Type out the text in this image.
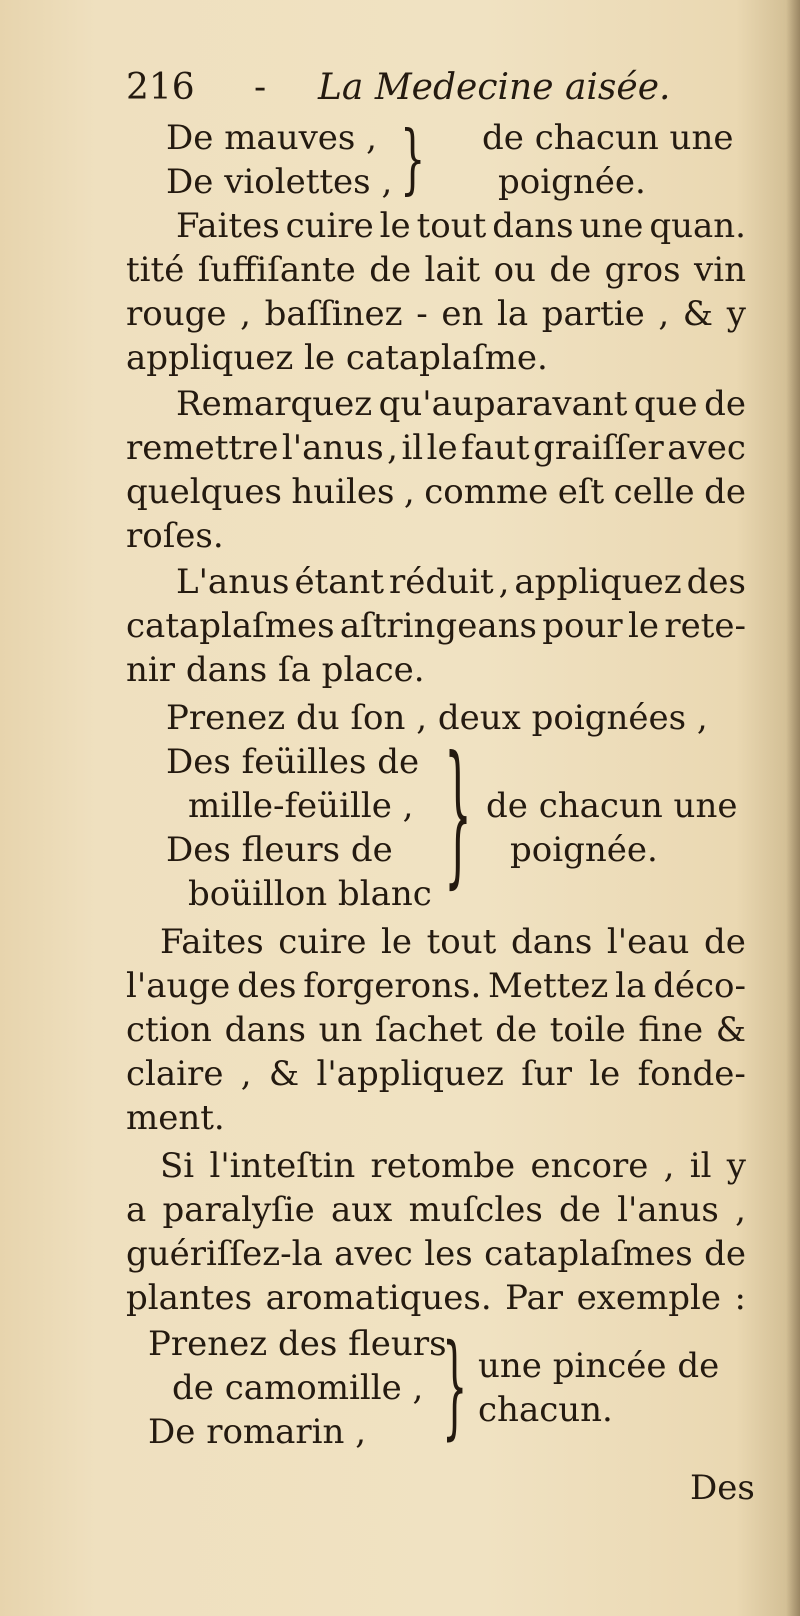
216 - La Medecine aisée.
De mauves ,
De violettes , } de chacun une
poignée.
Faites cuire le tout dans une quan.
tité ſuffiſante de lait ou de gros vin
rouge , baſſinez - en la partie , & y
appliquez le cataplaſme.
Remarquez qu'auparavant que de
remettre l'anus , il le faut graiſſer avec
quelques huiles , comme eſt celle de
roſes.
L'anus étant réduit , appliquez des
cataplaſmes aſtringeans pour le rete-
nir dans ſa place.
Prenez du ſon , deux poignées ,
Des feüilles de
mille-feüille ,
Des fleurs de
boüillon blanc } de chacun une
poignée.
Faites cuire le tout dans l'eau de
l'auge des forgerons. Mettez la déco-
ction dans un ſachet de toile fine &
claire , & l'appliquez ſur le fonde-
ment.
Si l'inteſtin retombe encore , il y
a paralyſie aux muſcles de l'anus ,
guériſſez-la avec les cataplaſmes de
plantes aromatiques. Par exemple :
Prenez des fleurs
de camomille ,
De romarin , } une pincée de
chacun.
Des
